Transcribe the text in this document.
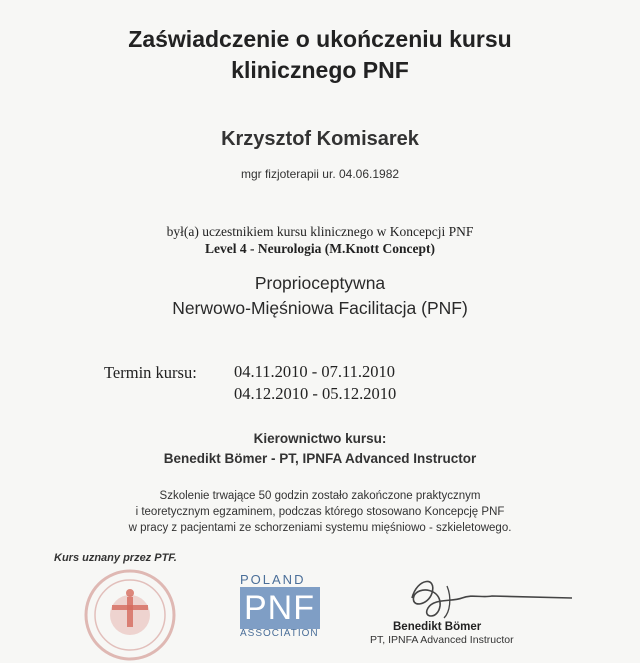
Zaświadczenie o ukończeniu kursu
klinicznego PNF
Krzysztof Komisarek
mgr fizjoterapii ur. 04.06.1982
był(a) uczestnikiem kursu klinicznego w Koncepcji PNF
Level 4 - Neurologia (M.Knott Concept)
Proprioceptywna
Nerwowo-Mięśniowa Facilitacja (PNF)
Termin kursu: 04.11.2010 - 07.11.2010
04.12.2010 - 05.12.2010
Kierownictwo kursu:
Benedikt Bömer - PT, IPNFA Advanced Instructor
Szkolenie trwające 50 godzin zostało zakończone praktycznym
i teoretycznym egzaminem, podczas którego stosowano Koncepcję PNF
w pracy z pacjentami ze schorzeniami systemu mięśniowo - szkieletowego.
Kurs uznany przez PTF.
POLAND
PNF
ASSOCIATION
Benedikt Bömer
PT, IPNFA Advanced Instructor
